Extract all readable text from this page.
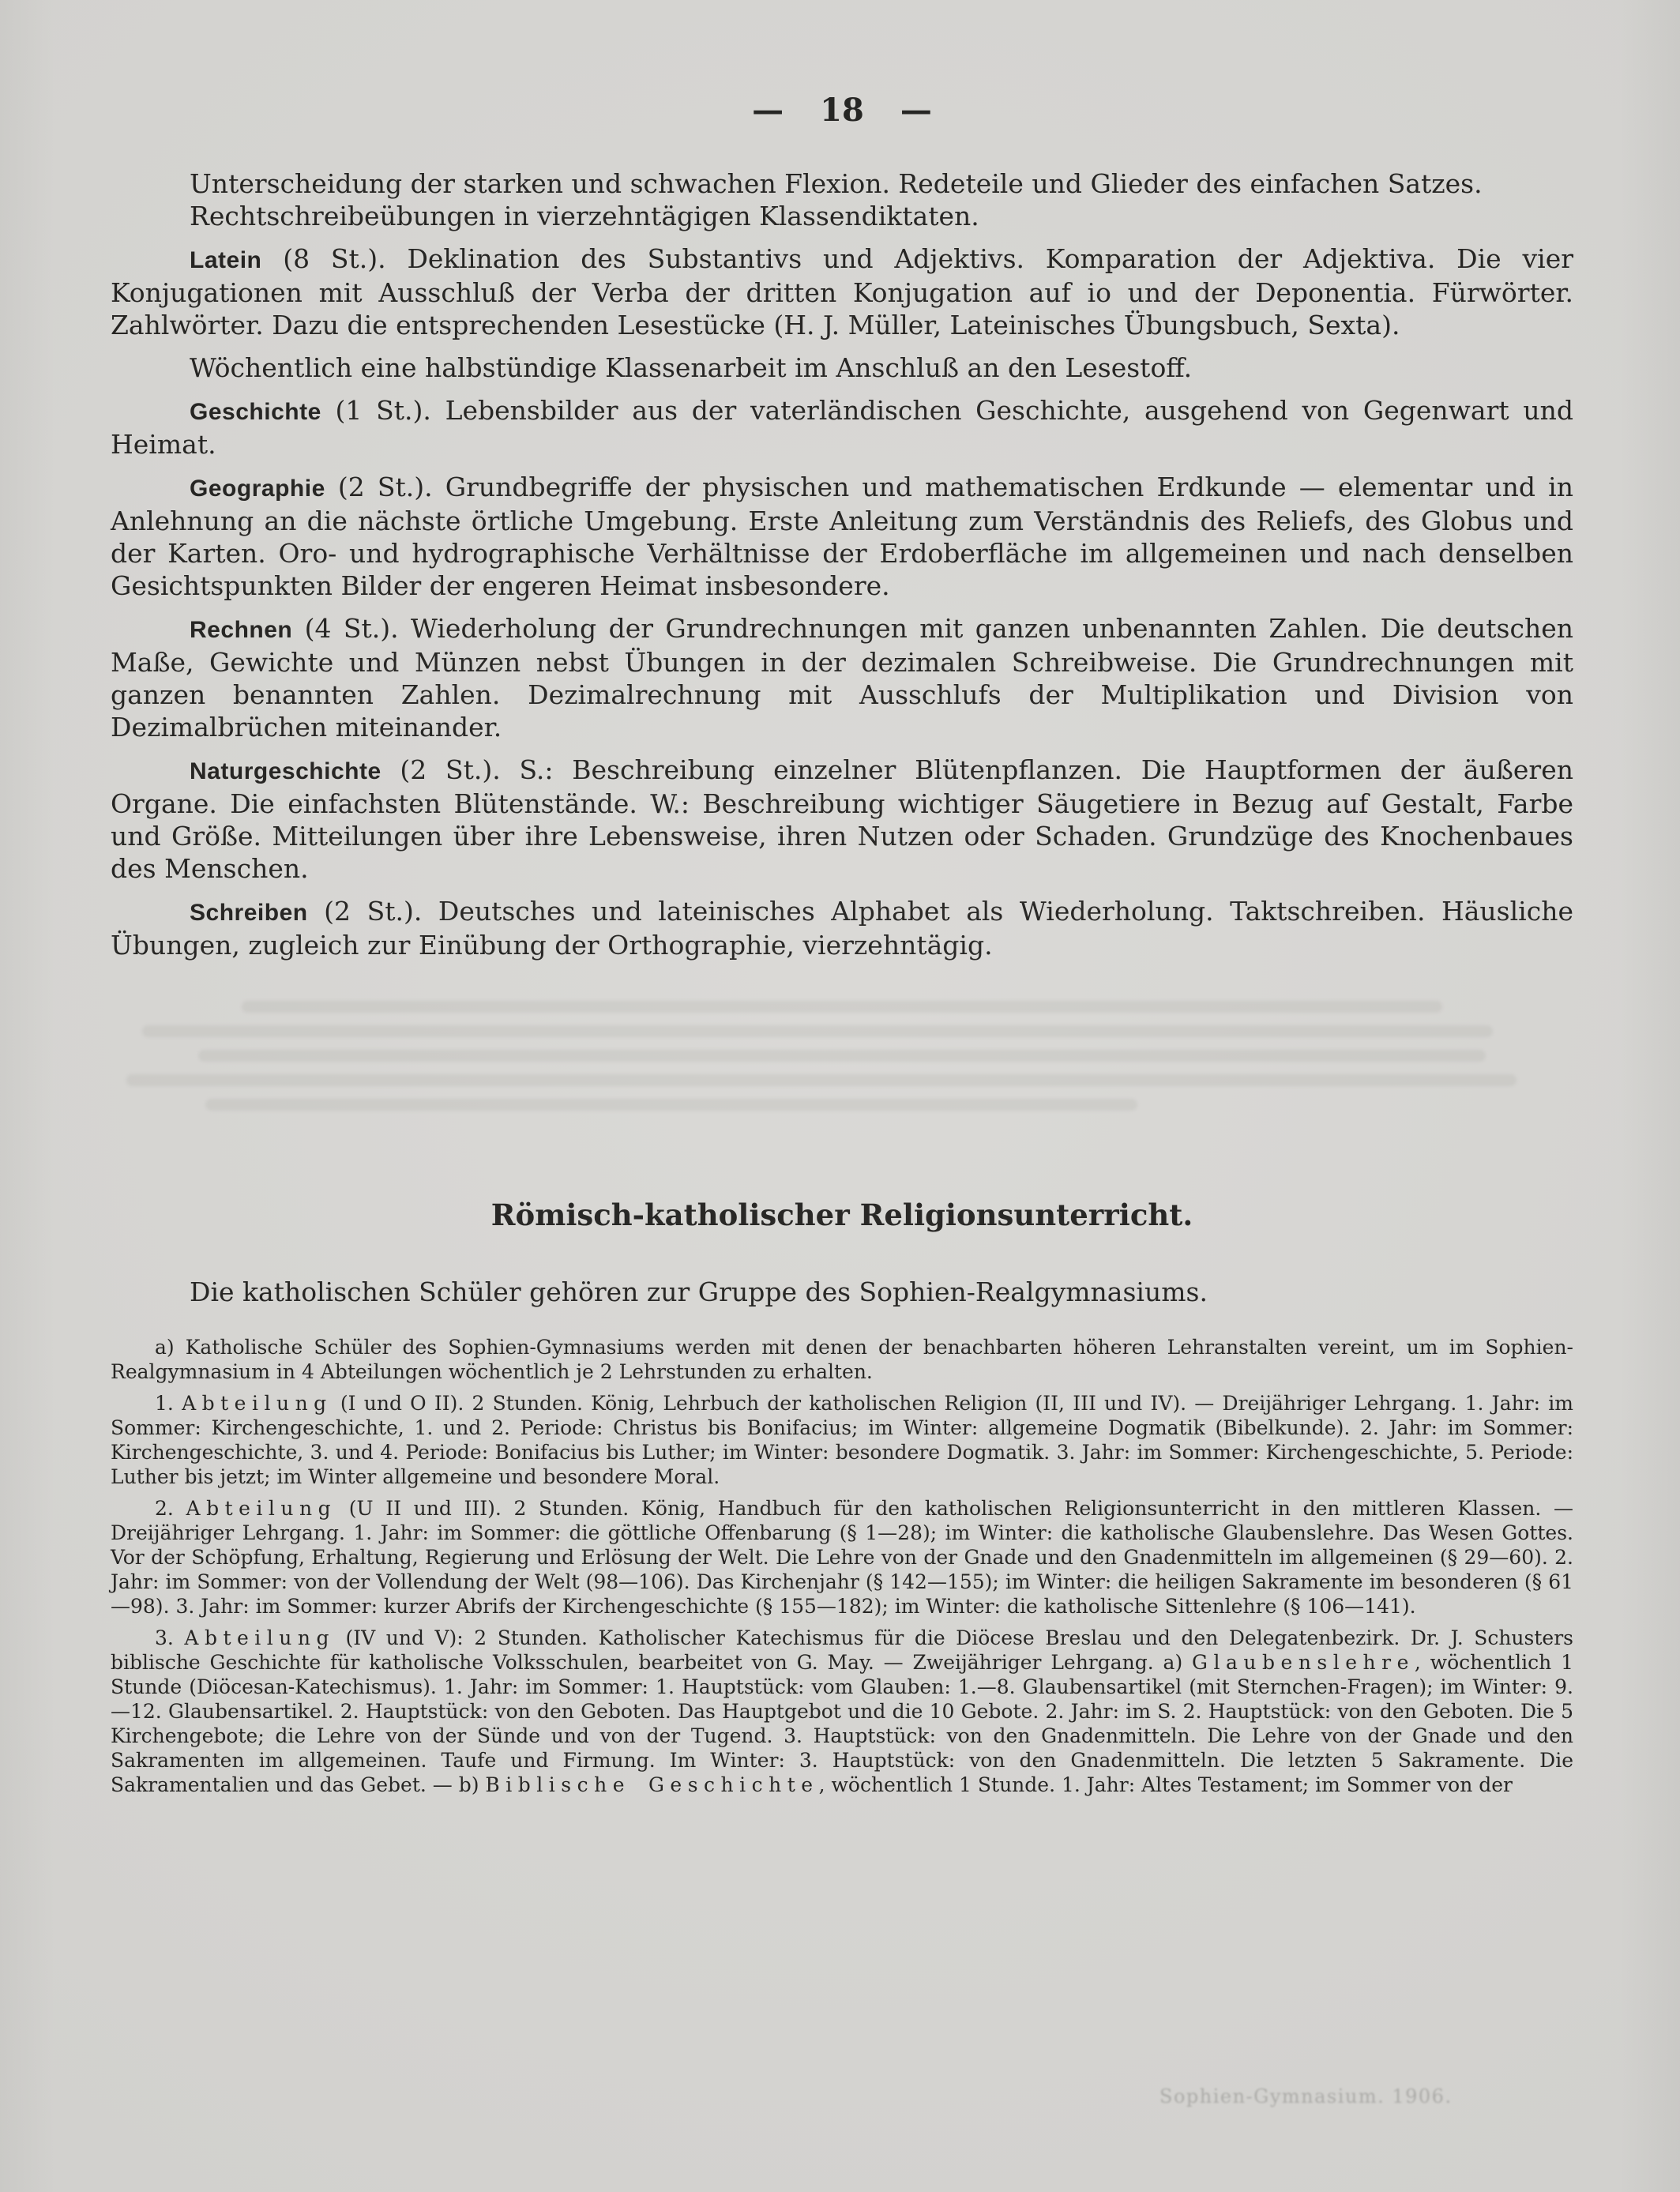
— 18 —

Unterscheidung der starken und schwachen Flexion. Redeteile und Glieder des einfachen Satzes.

Rechtschreibeübungen in vierzehntägigen Klassendiktaten.

Latein (8 St.). Deklination des Substantivs und Adjektivs. Komparation der Adjektiva. Die vier Konjugationen mit Ausschluß der Verba der dritten Konjugation auf io und der Deponentia. Fürwörter. Zahlwörter. Dazu die entsprechenden Lesestücke (H. J. Müller, Lateinisches Übungsbuch, Sexta).

Wöchentlich eine halbstündige Klassenarbeit im Anschluß an den Lesestoff.

Geschichte (1 St.). Lebensbilder aus der vaterländischen Geschichte, ausgehend von Gegenwart und Heimat.

Geographie (2 St.). Grundbegriffe der physischen und mathematischen Erdkunde — elementar und in Anlehnung an die nächste örtliche Umgebung. Erste Anleitung zum Verständnis des Reliefs, des Globus und der Karten. Oro- und hydrographische Verhältnisse der Erdoberfläche im allgemeinen und nach denselben Gesichtspunkten Bilder der engeren Heimat insbesondere.

Rechnen (4 St.). Wiederholung der Grundrechnungen mit ganzen unbenannten Zahlen. Die deutschen Maße, Gewichte und Münzen nebst Übungen in der dezimalen Schreibweise. Die Grundrechnungen mit ganzen benannten Zahlen. Dezimalrechnung mit Ausschlufs der Multiplikation und Division von Dezimalbrüchen miteinander.

Naturgeschichte (2 St.). S.: Beschreibung einzelner Blütenpflanzen. Die Hauptformen der äußeren Organe. Die einfachsten Blütenstände. W.: Beschreibung wichtiger Säugetiere in Bezug auf Gestalt, Farbe und Größe. Mitteilungen über ihre Lebensweise, ihren Nutzen oder Schaden. Grundzüge des Knochenbaues des Menschen.

Schreiben (2 St.). Deutsches und lateinisches Alphabet als Wiederholung. Taktschreiben. Häusliche Übungen, zugleich zur Einübung der Orthographie, vierzehntägig.

Römisch-katholischer Religionsunterricht.

Die katholischen Schüler gehören zur Gruppe des Sophien-Realgymnasiums.

a) Katholische Schüler des Sophien-Gymnasiums werden mit denen der benachbarten höheren Lehranstalten vereint, um im Sophien-Realgymnasium in 4 Abteilungen wöchentlich je 2 Lehrstunden zu erhalten.

1. Abteilung (I und O II). 2 Stunden. König, Lehrbuch der katholischen Religion (II, III und IV). — Dreijähriger Lehrgang. 1. Jahr: im Sommer: Kirchengeschichte, 1. und 2. Periode: Christus bis Bonifacius; im Winter: allgemeine Dogmatik (Bibelkunde). 2. Jahr: im Sommer: Kirchengeschichte, 3. und 4. Periode: Bonifacius bis Luther; im Winter: besondere Dogmatik. 3. Jahr: im Sommer: Kirchengeschichte, 5. Periode: Luther bis jetzt; im Winter allgemeine und besondere Moral.

2. Abteilung (U II und III). 2 Stunden. König, Handbuch für den katholischen Religionsunterricht in den mittleren Klassen. — Dreijähriger Lehrgang. 1. Jahr: im Sommer: die göttliche Offenbarung (§ 1—28); im Winter: die katholische Glaubenslehre. Das Wesen Gottes. Vor der Schöpfung, Erhaltung, Regierung und Erlösung der Welt. Die Lehre von der Gnade und den Gnadenmitteln im allgemeinen (§ 29—60). 2. Jahr: im Sommer: von der Vollendung der Welt (98—106). Das Kirchenjahr (§ 142—155); im Winter: die heiligen Sakramente im besonderen (§ 61—98). 3. Jahr: im Sommer: kurzer Abrifs der Kirchengeschichte (§ 155—182); im Winter: die katholische Sittenlehre (§ 106—141).

3. Abteilung (IV und V): 2 Stunden. Katholischer Katechismus für die Diöcese Breslau und den Delegatenbezirk. Dr. J. Schusters biblische Geschichte für katholische Volksschulen, bearbeitet von G. May. — Zweijähriger Lehrgang. a) Glaubenslehre, wöchentlich 1 Stunde (Diöcesan-Katechismus). 1. Jahr: im Sommer: 1. Hauptstück: vom Glauben: 1.—8. Glaubensartikel (mit Sternchen-Fragen); im Winter: 9.—12. Glaubensartikel. 2. Hauptstück: von den Geboten. Das Hauptgebot und die 10 Gebote. 2. Jahr: im S. 2. Hauptstück: von den Geboten. Die 5 Kirchengebote; die Lehre von der Sünde und von der Tugend. 3. Hauptstück: von den Gnadenmitteln. Die Lehre von der Gnade und den Sakramenten im allgemeinen. Taufe und Firmung. Im Winter: 3. Hauptstück: von den Gnadenmitteln. Die letzten 5 Sakramente. Die Sakramentalien und das Gebet. — b) Biblische Geschichte, wöchentlich 1 Stunde. 1. Jahr: Altes Testament; im Sommer von der

Sophien-Gymnasium. 1906.
